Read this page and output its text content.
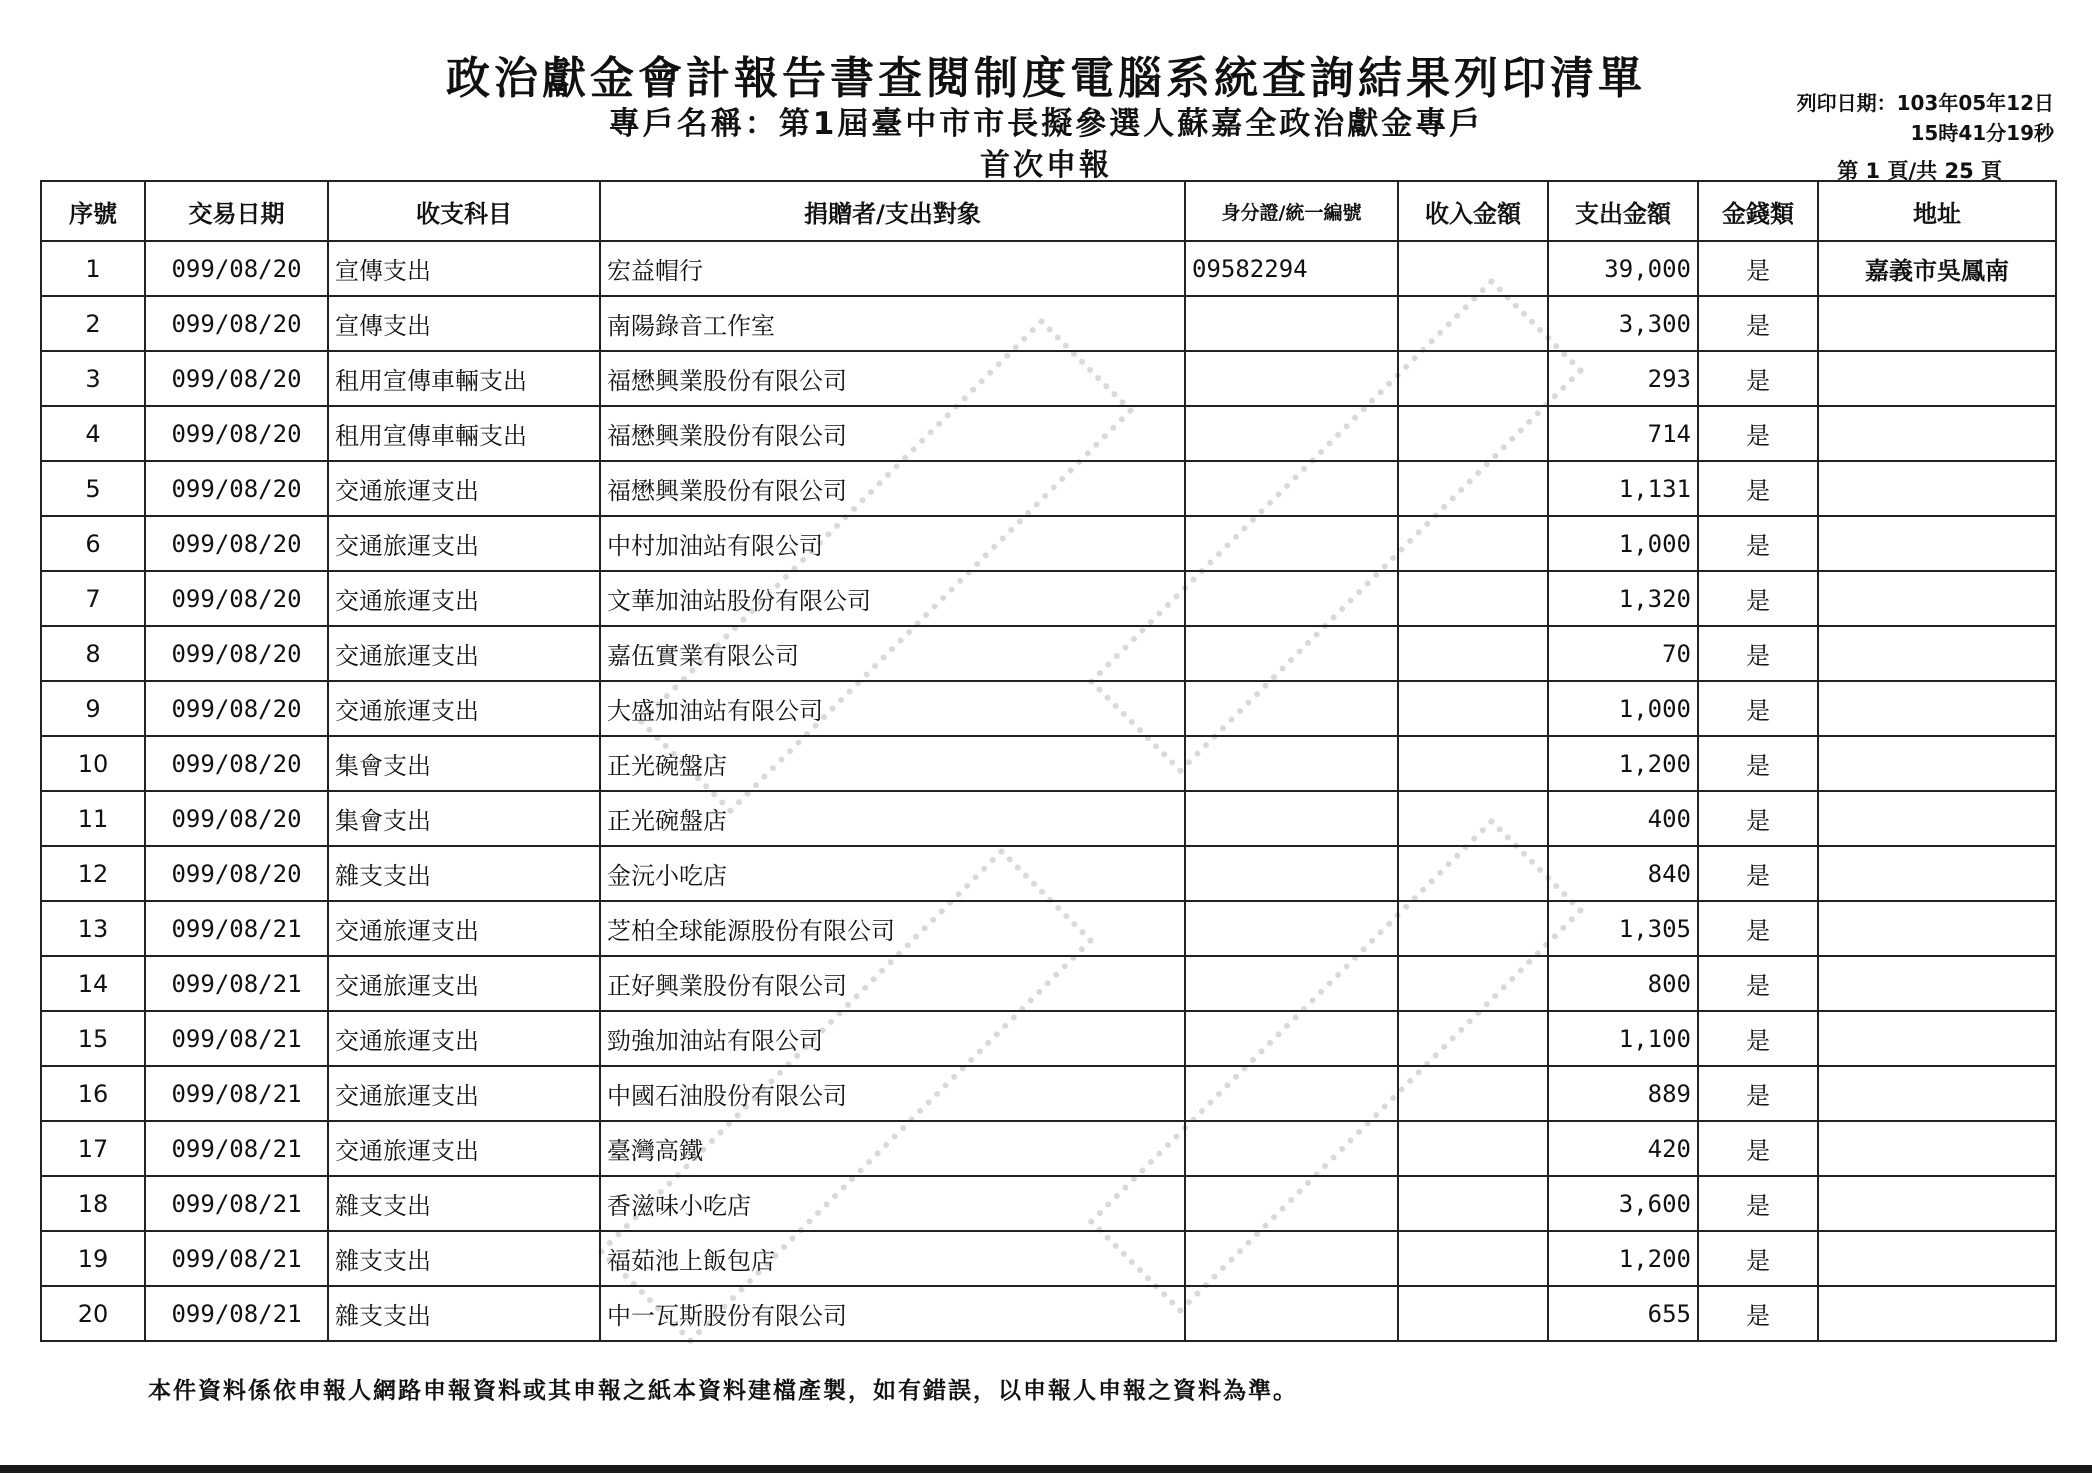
政治獻金會計報告書查閱制度電腦系統查詢結果列印清單
專戶名稱：第1屆臺中市市長擬參選人蘇嘉全政治獻金專戶
首次申報
列印日期：103年05年12日
15時41分19秒
第 1 頁/共 25 頁
序號	交易日期	收支科目	捐贈者/支出對象	身分證/統一編號	收入金額	支出金額	金錢類	地址
1	099/08/20	宣傳支出	宏益帽行	09582294		39,000	是	嘉義市吳鳳南
2	099/08/20	宣傳支出	南陽錄音工作室			3,300	是	
3	099/08/20	租用宣傳車輛支出	福懋興業股份有限公司			293	是	
4	099/08/20	租用宣傳車輛支出	福懋興業股份有限公司			714	是	
5	099/08/20	交通旅運支出	福懋興業股份有限公司			1,131	是	
6	099/08/20	交通旅運支出	中村加油站有限公司			1,000	是	
7	099/08/20	交通旅運支出	文華加油站股份有限公司			1,320	是	
8	099/08/20	交通旅運支出	嘉伍實業有限公司			70	是	
9	099/08/20	交通旅運支出	大盛加油站有限公司			1,000	是	
10	099/08/20	集會支出	正光碗盤店			1,200	是	
11	099/08/20	集會支出	正光碗盤店			400	是	
12	099/08/20	雜支支出	金沅小吃店			840	是	
13	099/08/21	交通旅運支出	芝柏全球能源股份有限公司			1,305	是	
14	099/08/21	交通旅運支出	正好興業股份有限公司			800	是	
15	099/08/21	交通旅運支出	勁強加油站有限公司			1,100	是	
16	099/08/21	交通旅運支出	中國石油股份有限公司			889	是	
17	099/08/21	交通旅運支出	臺灣高鐵			420	是	
18	099/08/21	雜支支出	香滋味小吃店			3,600	是	
19	099/08/21	雜支支出	福茹池上飯包店			1,200	是	
20	099/08/21	雜支支出	中一瓦斯股份有限公司			655	是	
本件資料係依申報人網路申報資料或其申報之紙本資料建檔產製，如有錯誤，以申報人申報之資料為準。
